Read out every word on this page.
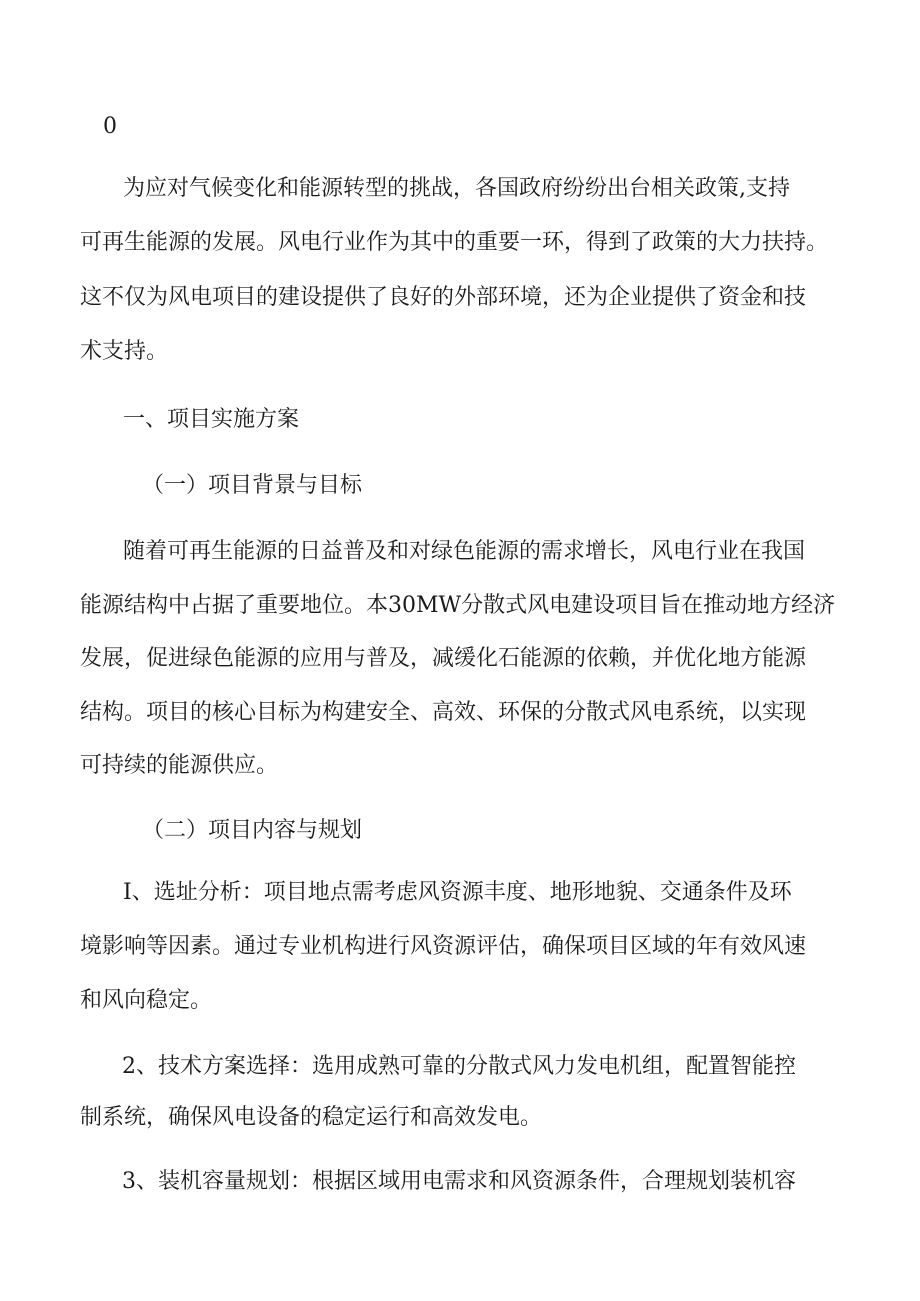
0
为应对气候变化和能源转型的挑战，各国政府纷纷出台相关政策,支持
可再生能源的发展。风电行业作为其中的重要一环，得到了政策的大力扶持。
这不仅为风电项目的建设提供了良好的外部环境，还为企业提供了资金和技
术支持。
一、项目实施方案
（一）项目背景与目标
随着可再生能源的日益普及和对绿色能源的需求增长，风电行业在我国
能源结构中占据了重要地位。本30MW分散式风电建设项目旨在推动地方经济
发展，促进绿色能源的应用与普及，减缓化石能源的依赖，并优化地方能源
结构。项目的核心目标为构建安全、高效、环保的分散式风电系统，以实现
可持续的能源供应。
（二）项目内容与规划
I、选址分析：项目地点需考虑风资源丰度、地形地貌、交通条件及环
境影响等因素。通过专业机构进行风资源评估，确保项目区域的年有效风速
和风向稳定。
2、技术方案选择：选用成熟可靠的分散式风力发电机组，配置智能控
制系统，确保风电设备的稳定运行和高效发电。
3、装机容量规划：根据区域用电需求和风资源条件，合理规划装机容
